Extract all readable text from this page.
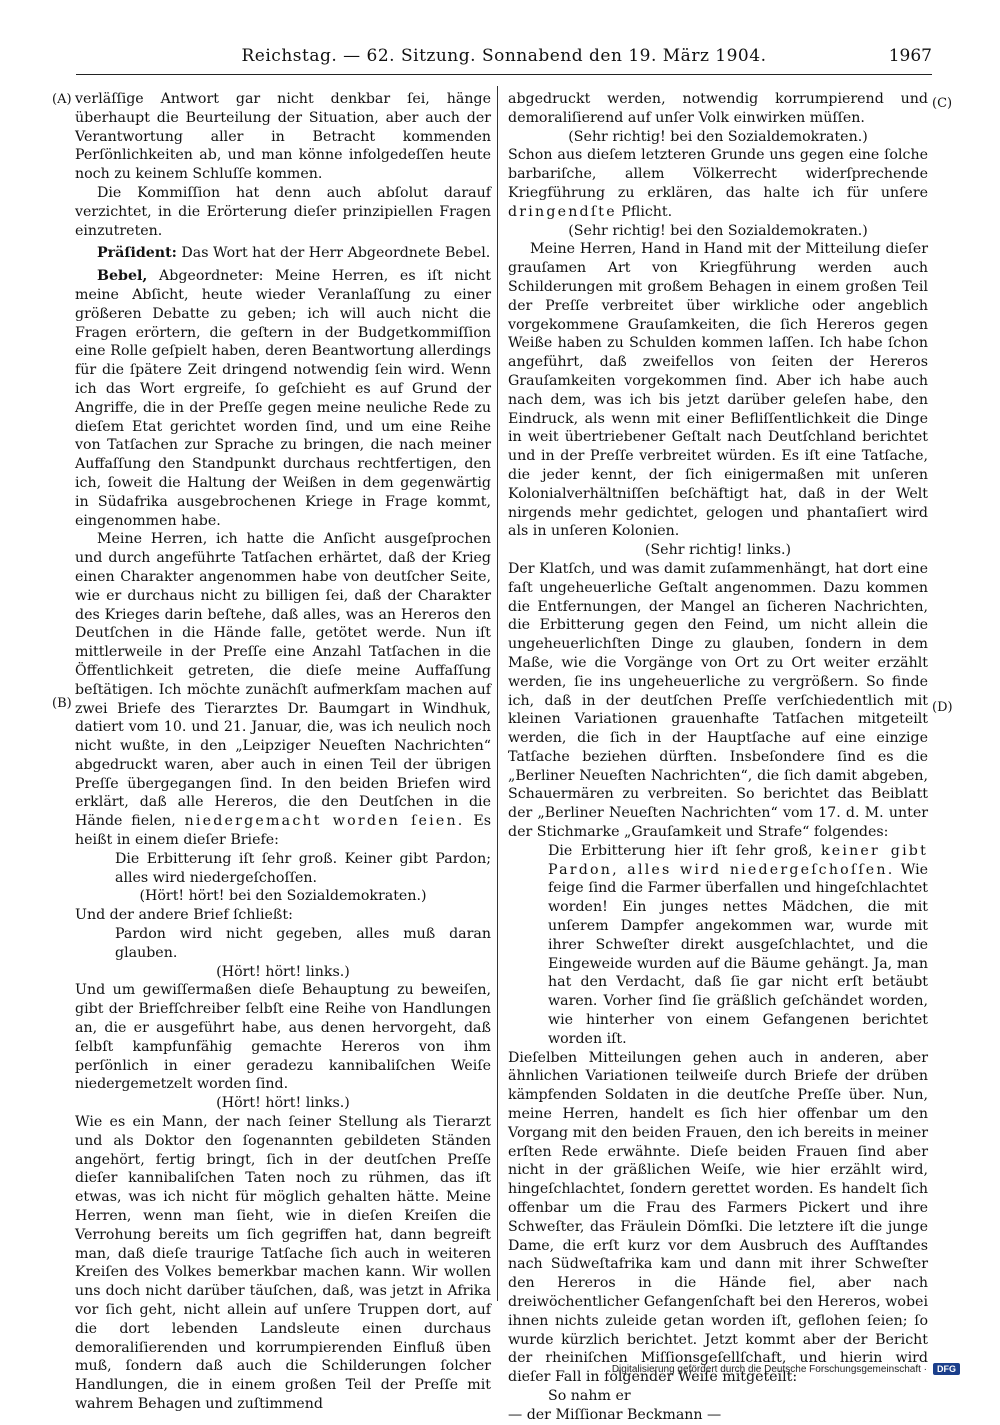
Reichstag. — 62. Sitzung. Sonnabend den 19. März 1904.	1967
(A)
(B)
(C)
(D)

verläſſige Antwort gar nicht denkbar ſei, hänge überhaupt die Beurteilung der Situation, aber auch der Verantwortung aller in Betracht kommenden Perſönlichkeiten ab, und man könne infolgedeſſen heute noch zu keinem Schluſſe kommen.

Die Kommiſſion hat denn auch abſolut darauf verzichtet, in die Erörterung dieſer prinzipiellen Fragen einzutreten.

Präſident: Das Wort hat der Herr Abgeordnete Bebel.

Bebel, Abgeordneter: Meine Herren, es iſt nicht meine Abſicht, heute wieder Veranlaſſung zu einer größeren Debatte zu geben; ich will auch nicht die Fragen erörtern, die geſtern in der Budgetkommiſſion eine Rolle geſpielt haben, deren Beantwortung allerdings für die ſpätere Zeit dringend notwendig ſein wird. Wenn ich das Wort ergreife, ſo geſchieht es auf Grund der Angriffe, die in der Preſſe gegen meine neuliche Rede zu dieſem Etat gerichtet worden ſind, und um eine Reihe von Tatſachen zur Sprache zu bringen, die nach meiner Auffaſſung den Standpunkt durchaus rechtfertigen, den ich, ſoweit die Haltung der Weißen in dem gegenwärtig in Südafrika ausgebrochenen Kriege in Frage kommt, eingenommen habe.

Meine Herren, ich hatte die Anſicht ausgeſprochen und durch angeführte Tatſachen erhärtet, daß der Krieg einen Charakter angenommen habe von deutſcher Seite, wie er durchaus nicht zu billigen ſei, daß der Charakter des Krieges darin beſtehe, daß alles, was an Hereros den Deutſchen in die Hände falle, getötet werde. Nun iſt mittlerweile in der Preſſe eine Anzahl Tatſachen in die Öffentlichkeit getreten, die dieſe meine Auffaſſung beſtätigen. Ich möchte zunächſt aufmerkſam machen auf zwei Briefe des Tierarztes Dr. Baumgart in Windhuk, datiert vom 10. und 21. Januar, die, was ich neulich noch nicht wußte, in den „Leipziger Neueſten Nachrichten“ abgedruckt waren, aber auch in einen Teil der übrigen Preſſe übergegangen ſind. In den beiden Briefen wird erklärt, daß alle Hereros, die den Deutſchen in die Hände fielen, niedergemacht worden ſeien. Es heißt in einem dieſer Briefe:

Die Erbitterung iſt ſehr groß. Keiner gibt Pardon; alles wird niedergeſchoſſen.

(Hört! hört! bei den Sozialdemokraten.)

Und der andere Brief ſchließt:

Pardon wird nicht gegeben, alles muß daran glauben.

(Hört! hört! links.)

Und um gewiſſermaßen dieſe Behauptung zu beweiſen, gibt der Briefſchreiber ſelbſt eine Reihe von Handlungen an, die er ausgeführt habe, aus denen hervorgeht, daß ſelbſt kampfunfähig gemachte Hereros von ihm perſönlich in einer geradezu kannibaliſchen Weiſe niedergemetzelt worden ſind.

(Hört! hört! links.)

Wie es ein Mann, der nach ſeiner Stellung als Tierarzt und als Doktor den ſogenannten gebildeten Ständen angehört, fertig bringt, ſich in der deutſchen Preſſe dieſer kannibaliſchen Taten noch zu rühmen, das iſt etwas, was ich nicht für möglich gehalten hätte. Meine Herren, wenn man ſieht, wie in dieſen Kreiſen die Verrohung bereits um ſich gegriffen hat, dann begreift man, daß dieſe traurige Tatſache ſich auch in weiteren Kreiſen des Volkes bemerkbar machen kann. Wir wollen uns doch nicht darüber täuſchen, daß, was jetzt in Afrika vor ſich geht, nicht allein auf unſere Truppen dort, auf die dort lebenden Landsleute einen durchaus demoraliſierenden und korrumpierenden Einfluß üben muß, ſondern daß auch die Schilderungen ſolcher Handlungen, die in einem großen Teil der Preſſe mit wahrem Behagen und zuſtimmend

abgedruckt werden, notwendig korrumpierend und demoraliſierend auf unſer Volk einwirken müſſen.

(Sehr richtig! bei den Sozialdemokraten.)

Schon aus dieſem letzteren Grunde uns gegen eine ſolche barbariſche, allem Völkerrecht widerſprechende Kriegführung zu erklären, das halte ich für unſere dringendſte Pflicht.

(Sehr richtig! bei den Sozialdemokraten.)

Meine Herren, Hand in Hand mit der Mitteilung dieſer grauſamen Art von Kriegführung werden auch Schilderungen mit großem Behagen in einem großen Teil der Preſſe verbreitet über wirkliche oder angeblich vorgekommene Grauſamkeiten, die ſich Hereros gegen Weiße haben zu Schulden kommen laſſen. Ich habe ſchon angeführt, daß zweifellos von ſeiten der Hereros Grauſamkeiten vorgekommen ſind. Aber ich habe auch nach dem, was ich bis jetzt darüber geleſen habe, den Eindruck, als wenn mit einer Befliſſentlichkeit die Dinge in weit übertriebener Geſtalt nach Deutſchland berichtet und in der Preſſe verbreitet würden. Es iſt eine Tatſache, die jeder kennt, der ſich einigermaßen mit unſeren Kolonialverhältniſſen beſchäftigt hat, daß in der Welt nirgends mehr gedichtet, gelogen und phantaſiert wird als in unſeren Kolonien.

(Sehr richtig! links.)

Der Klatſch, und was damit zuſammenhängt, hat dort eine faſt ungeheuerliche Geſtalt angenommen. Dazu kommen die Entfernungen, der Mangel an ſicheren Nachrichten, die Erbitterung gegen den Feind, um nicht allein die ungeheuerlichſten Dinge zu glauben, ſondern in dem Maße, wie die Vorgänge von Ort zu Ort weiter erzählt werden, ſie ins ungeheuerliche zu vergrößern. So finde ich, daß in der deutſchen Preſſe verſchiedentlich mit kleinen Variationen grauenhafte Tatſachen mitgeteilt werden, die ſich in der Hauptſache auf eine einzige Tatſache beziehen dürften. Insbeſondere ſind es die „Berliner Neueſten Nachrichten“, die ſich damit abgeben, Schauermären zu verbreiten. So berichtet das Beiblatt der „Berliner Neueſten Nachrichten“ vom 17. d. M. unter der Stichmarke „Grauſamkeit und Strafe“ folgendes:

Die Erbitterung hier iſt ſehr groß, keiner gibt Pardon, alles wird niedergeſchoſſen. Wie feige ſind die Farmer überfallen und hingeſchlachtet worden! Ein junges nettes Mädchen, die mit unſerem Dampfer angekommen war, wurde mit ihrer Schweſter direkt ausgeſchlachtet, und die Eingeweide wurden auf die Bäume gehängt. Ja, man hat den Verdacht, daß ſie gar nicht erſt betäubt waren. Vorher ſind ſie gräßlich geſchändet worden, wie hinterher von einem Gefangenen berichtet worden iſt.

Dieſelben Mitteilungen gehen auch in anderen, aber ähnlichen Variationen teilweiſe durch Briefe der drüben kämpfenden Soldaten in die deutſche Preſſe über. Nun, meine Herren, handelt es ſich hier offenbar um den Vorgang mit den beiden Frauen, den ich bereits in meiner erſten Rede erwähnte. Dieſe beiden Frauen ſind aber nicht in der gräßlichen Weiſe, wie hier erzählt wird, hingeſchlachtet, ſondern gerettet worden. Es handelt ſich offenbar um die Frau des Farmers Pickert und ihre Schweſter, das Fräulein Dömſki. Die letztere iſt die junge Dame, die erſt kurz vor dem Ausbruch des Aufſtandes nach Südweſtafrika kam und dann mit ihrer Schweſter den Hereros in die Hände fiel, aber nach dreiwöchentlicher Gefangenſchaft bei den Hereros, wobei ihnen nichts zuleide getan worden iſt, geflohen ſeien; ſo wurde kürzlich berichtet. Jetzt kommt aber der Bericht der rheiniſchen Miſſionsgeſellſchaft, und hierin wird dieſer Fall in folgender Weiſe mitgeteilt:

So nahm er

— der Miſſionar Beckmann —

Digitalisierung gefördert durch die Deutsche Forschungsgemeinschaft ·	DFG
